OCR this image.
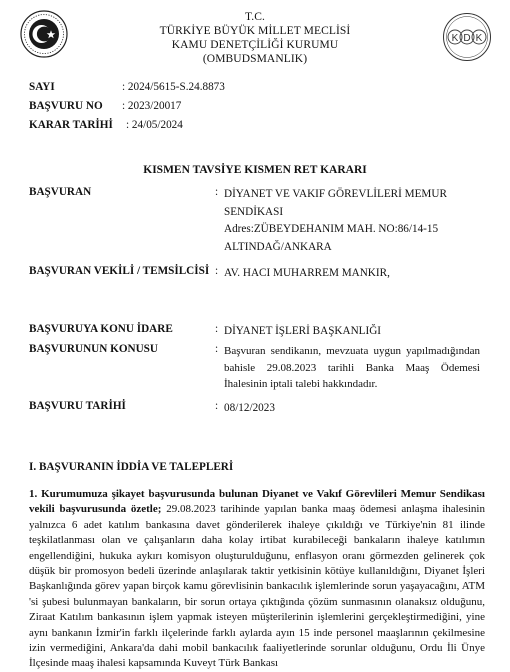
T.C.
TÜRKİYE BÜYÜK MİLLET MECLİSİ
KAMU DENETÇİLİĞİ KURUMU
(OMBUDSMANLIK)
K D K
SAYI	: 2024/5615-S.24.8873
BAŞVURU NO : 2023/20017
KARAR TARİHİ : 24/05/2024
KISMEN TAVSİYE KISMEN RET KARARI
BAŞVURAN	: DİYANET VE VAKIF GÖREVLİLERİ MEMUR
SENDİKASI
Adres:ZÜBEYDEHANIM MAH. NO:86/14-15
ALTINDAĞ/ANKARA
BAŞVURAN VEKİLİ / TEMSİLCİSİ : AV. HACI MUHARREM MANKIR,
BAŞVURUYA KONU İDARE	: DİYANET İŞLERİ BAŞKANLIĞI
BAŞVURUNUN KONUSU	: Başvuran sendikanın, mevzuata uygun yapılmadığından bahisle 29.08.2023 tarihli Banka Maaş Ödemesi İhalesinin iptali talebi hakkındadır.
BAŞVURU TARİHİ	: 08/12/2023
I. BAŞVURANIN İDDİA VE TALEPLERİ
1. Kurumumuza şikayet başvurusunda bulunan Diyanet ve Vakıf Görevlileri Memur Sendikası vekili başvurusunda özetle; 29.08.2023 tarihinde yapılan banka maaş ödemesi anlaşma ihalesinin yalnızca 6 adet katılım bankasına davet gönderilerek ihaleye çıkıldığı ve Türkiye'nin 81 ilinde teşkilatlanması olan ve çalışanların daha kolay irtibat kurabileceği bankaların ihaleye katılımın engellendiğini, hukuka aykırı komisyon oluşturulduğunu, enflasyon oranı görmezden gelinerek çok düşük bir promosyon bedeli üzerinde anlaşılarak taktir yetkisinin kötüye kullanıldığını, Diyanet İşleri Başkanlığında görev yapan birçok kamu görevlisinin bankacılık işlemlerinde sorun yaşayacağını, ATM 'si şubesi bulunmayan bankaların, bir sorun ortaya çıktığında çözüm sunmasının olanaksız olduğunu, Ziraat Katılım bankasının işlem yapmak isteyen müşterilerinin işlemlerini gerçekleştirmediğini, yine aynı bankanın İzmir'in farklı ilçelerinde farklı aylarda ayın 15 inde personel maaşlarının çekilmesine izin vermediğini, Ankara'da dahi mobil bankacılık faaliyetlerinde sorunlar olduğunu, Ordu İli Ünye İlçesinde maaş ihalesi kapsamında Kuveyt Türk Bankası
